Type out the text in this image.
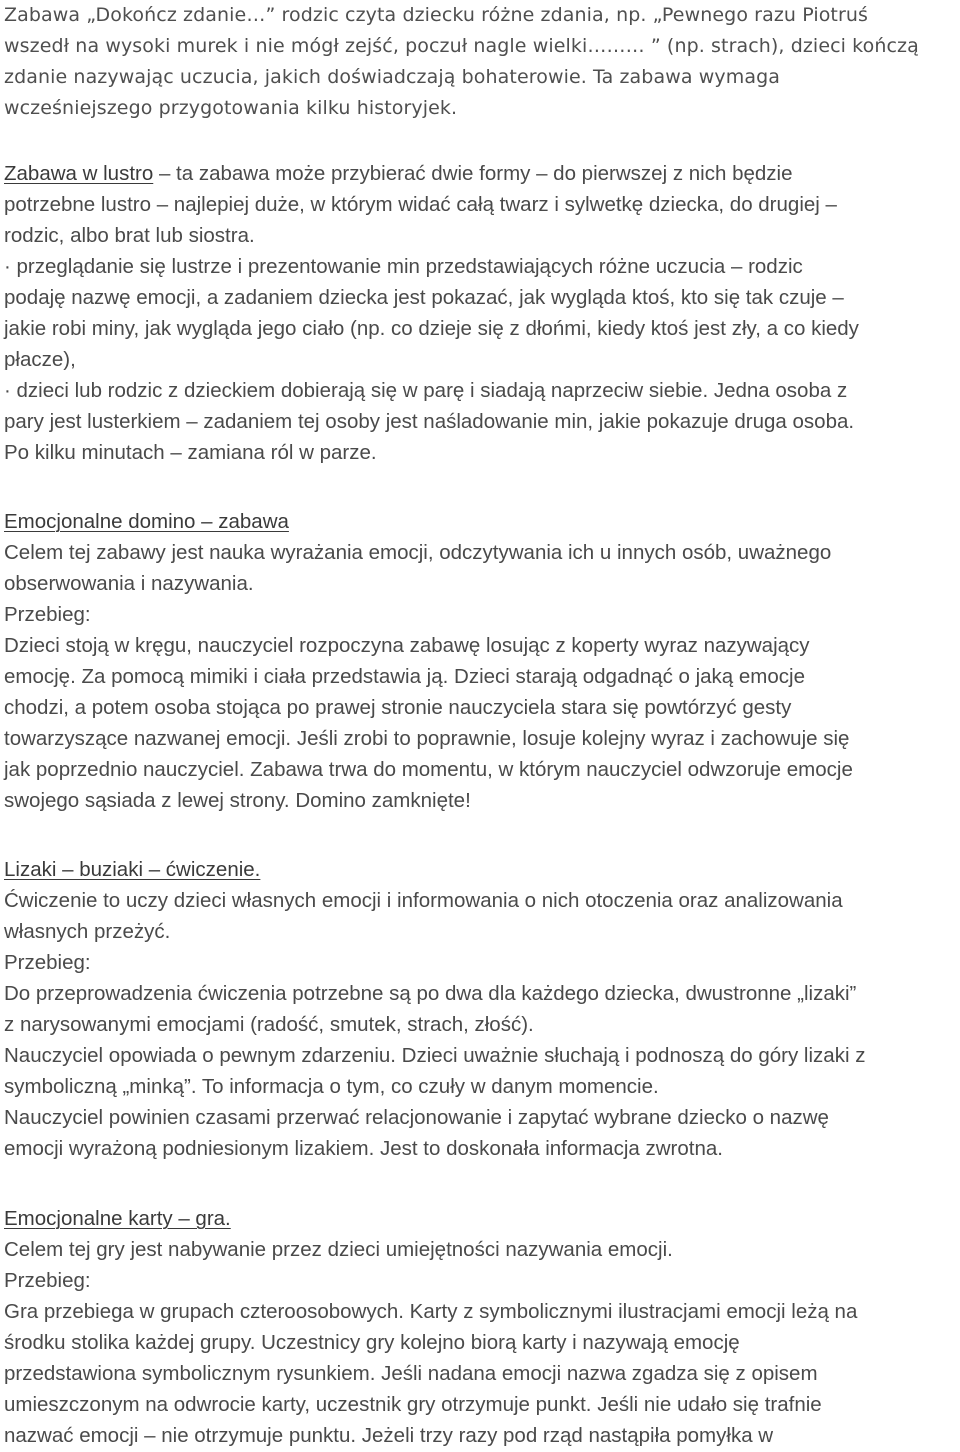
Zabawa „Dokończ zdanie…” rodzic czyta dziecku różne zdania, np. „Pewnego razu Piotruś
wszedł na wysoki murek i nie mógł zejść, poczuł nagle wielki……… ” (np. strach), dzieci kończą
zdanie nazywając uczucia, jakich doświadczają bohaterowie. Ta zabawa wymaga
wcześniejszego przygotowania kilku historyjek.
Zabawa w lustro – ta zabawa może przybierać dwie formy – do pierwszej z nich będzie
potrzebne lustro – najlepiej duże, w którym widać całą twarz i sylwetkę dziecka, do drugiej –
rodzic, albo brat lub siostra.
· przeglądanie się lustrze i prezentowanie min przedstawiających różne uczucia – rodzic
podaję nazwę emocji, a zadaniem dziecka jest pokazać, jak wygląda ktoś, kto się tak czuje –
jakie robi miny, jak wygląda jego ciało (np. co dzieje się z dłońmi, kiedy ktoś jest zły, a co kiedy
płacze),
· dzieci lub rodzic z dzieckiem dobierają się w parę i siadają naprzeciw siebie. Jedna osoba z
pary jest lusterkiem – zadaniem tej osoby jest naśladowanie min, jakie pokazuje druga osoba.
Po kilku minutach – zamiana ról w parze.
Emocjonalne domino – zabawa
Celem tej zabawy jest nauka wyrażania emocji, odczytywania ich u innych osób, uważnego
obserwowania i nazywania.
Przebieg:
Dzieci stoją w kręgu, nauczyciel rozpoczyna zabawę losując z koperty wyraz nazywający
emocję. Za pomocą mimiki i ciała przedstawia ją. Dzieci starają odgadnąć o jaką emocje
chodzi, a potem osoba stojąca po prawej stronie nauczyciela stara się powtórzyć gesty
towarzyszące nazwanej emocji. Jeśli zrobi to poprawnie, losuje kolejny wyraz i zachowuje się
jak poprzednio nauczyciel. Zabawa trwa do momentu, w którym nauczyciel odwzoruje emocje
swojego sąsiada z lewej strony. Domino zamknięte!
Lizaki – buziaki – ćwiczenie.
Ćwiczenie to uczy dzieci własnych emocji i informowania o nich otoczenia oraz analizowania
własnych przeżyć.
Przebieg:
Do przeprowadzenia ćwiczenia potrzebne są po dwa dla każdego dziecka, dwustronne „lizaki”
z narysowanymi emocjami (radość, smutek, strach, złość).
Nauczyciel opowiada o pewnym zdarzeniu. Dzieci uważnie słuchają i podnoszą do góry lizaki z
symboliczną „minką”. To informacja o tym, co czuły w danym momencie.
Nauczyciel powinien czasami przerwać relacjonowanie i zapytać wybrane dziecko o nazwę
emocji wyrażoną podniesionym lizakiem. Jest to doskonała informacja zwrotna.
Emocjonalne karty – gra.
Celem tej gry jest nabywanie przez dzieci umiejętności nazywania emocji.
Przebieg:
Gra przebiega w grupach czteroosobowych. Karty z symbolicznymi ilustracjami emocji leżą na
środku stolika każdej grupy. Uczestnicy gry kolejno biorą karty i nazywają emocję
przedstawiona symbolicznym rysunkiem. Jeśli nadana emocji nazwa zgadza się z opisem
umieszczonym na odwrocie karty, uczestnik gry otrzymuje punkt. Jeśli nie udało się trafnie
nazwać emocji – nie otrzymuje punktu. Jeżeli trzy razy pod rząd nastąpiła pomyłka w
